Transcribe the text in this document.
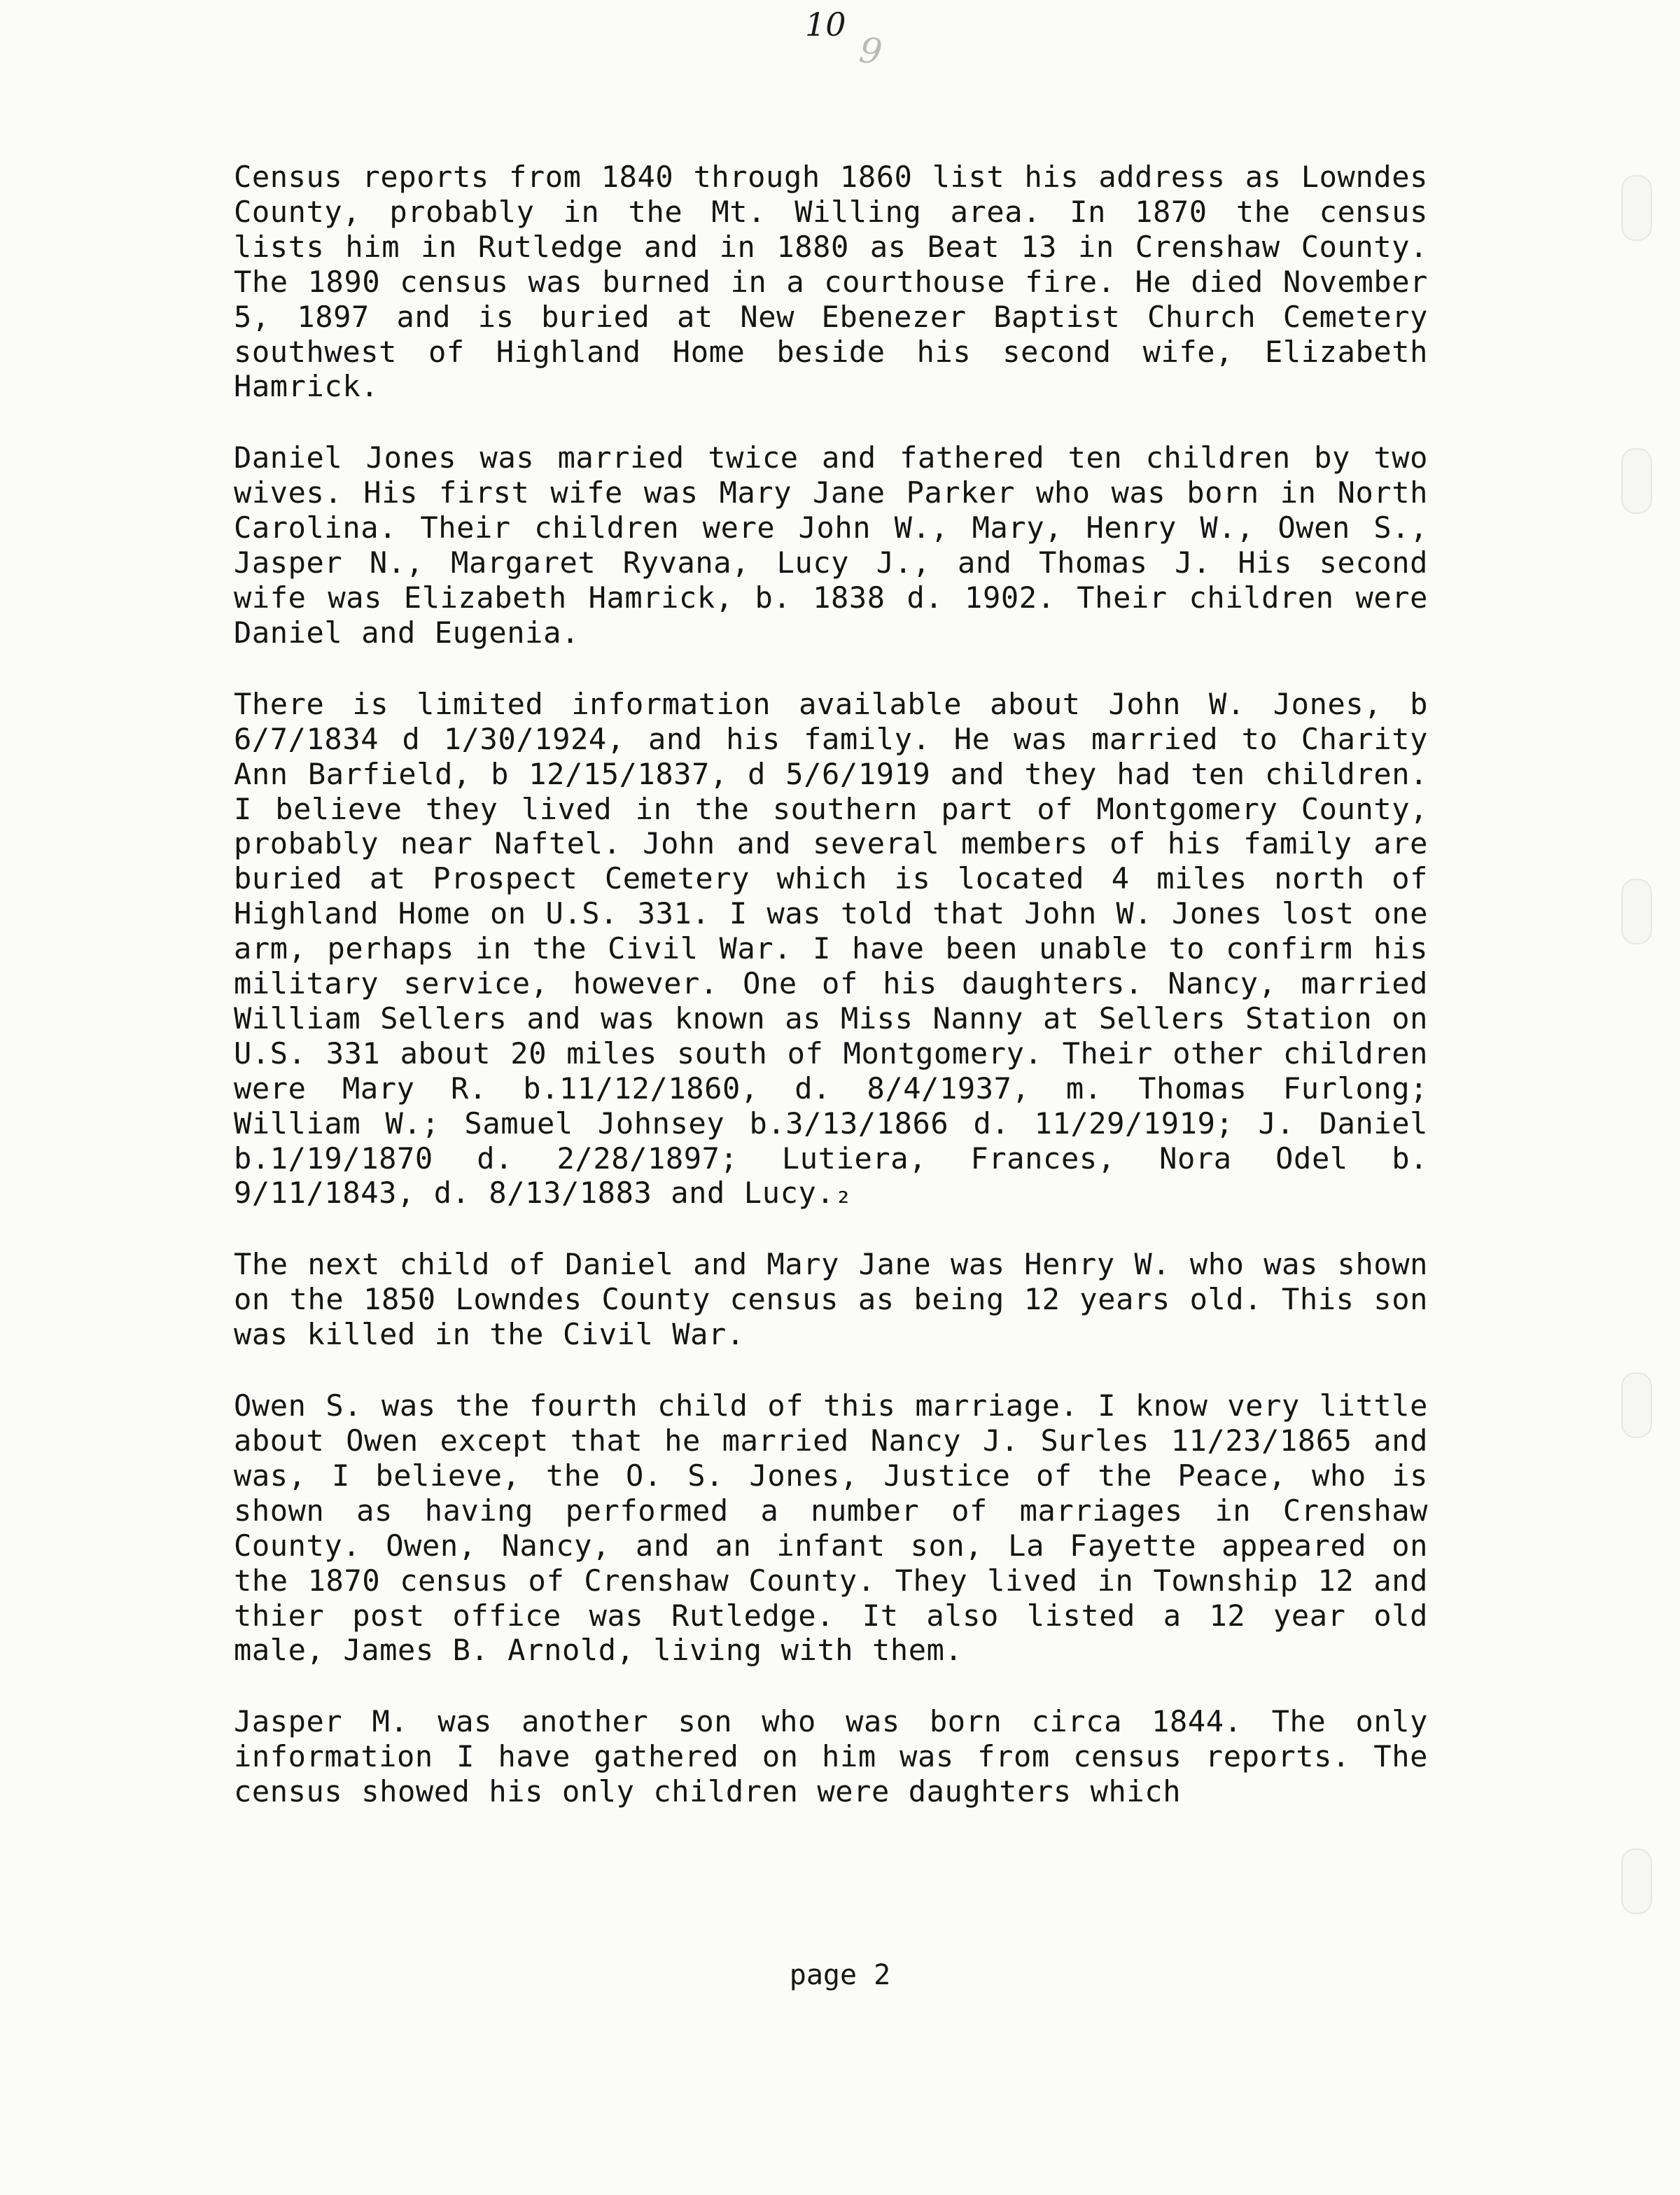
10
9

Census reports from 1840 through 1860 list his address as Lowndes County, probably in the Mt. Willing area. In 1870 the census lists him in Rutledge and in 1880 as Beat 13 in Crenshaw County. The 1890 census was burned in a courthouse fire. He died November 5, 1897 and is buried at New Ebenezer Baptist Church Cemetery southwest of Highland Home beside his second wife, Elizabeth Hamrick.

Daniel Jones was married twice and fathered ten children by two wives. His first wife was Mary Jane Parker who was born in North Carolina. Their children were John W., Mary, Henry W., Owen S., Jasper N., Margaret Ryvana, Lucy J., and Thomas J. His second wife was Elizabeth Hamrick, b. 1838 d. 1902. Their children were Daniel and Eugenia.

There is limited information available about John W. Jones, b 6/7/1834 d 1/30/1924, and his family. He was married to Charity Ann Barfield, b 12/15/1837, d 5/6/1919 and they had ten children. I believe they lived in the southern part of Montgomery County, probably near Naftel. John and several members of his family are buried at Prospect Cemetery which is located 4 miles north of Highland Home on U.S. 331. I was told that John W. Jones lost one arm, perhaps in the Civil War. I have been unable to confirm his military service, however. One of his daughters. Nancy, married William Sellers and was known as Miss Nanny at Sellers Station on U.S. 331 about 20 miles south of Montgomery. Their other children were Mary R. b.11/12/1860, d. 8/4/1937, m. Thomas Furlong; William W.; Samuel Johnsey b.3/13/1866 d. 11/29/1919; J. Daniel b.1/19/1870 d. 2/28/1897; Lutiera, Frances, Nora Odel b. 9/11/1843, d. 8/13/1883 and Lucy.₂

The next child of Daniel and Mary Jane was Henry W. who was shown on the 1850 Lowndes County census as being 12 years old. This son was killed in the Civil War.

Owen S. was the fourth child of this marriage. I know very little about Owen except that he married Nancy J. Surles 11/23/1865 and was, I believe, the O. S. Jones, Justice of the Peace, who is shown as having performed a number of marriages in Crenshaw County. Owen, Nancy, and an infant son, La Fayette appeared on the 1870 census of Crenshaw County. They lived in Township 12 and thier post office was Rutledge. It also listed a 12 year old male, James B. Arnold, living with them.

Jasper M. was another son who was born circa 1844. The only information I have gathered on him was from census reports. The census showed his only children were daughters which

page 2
